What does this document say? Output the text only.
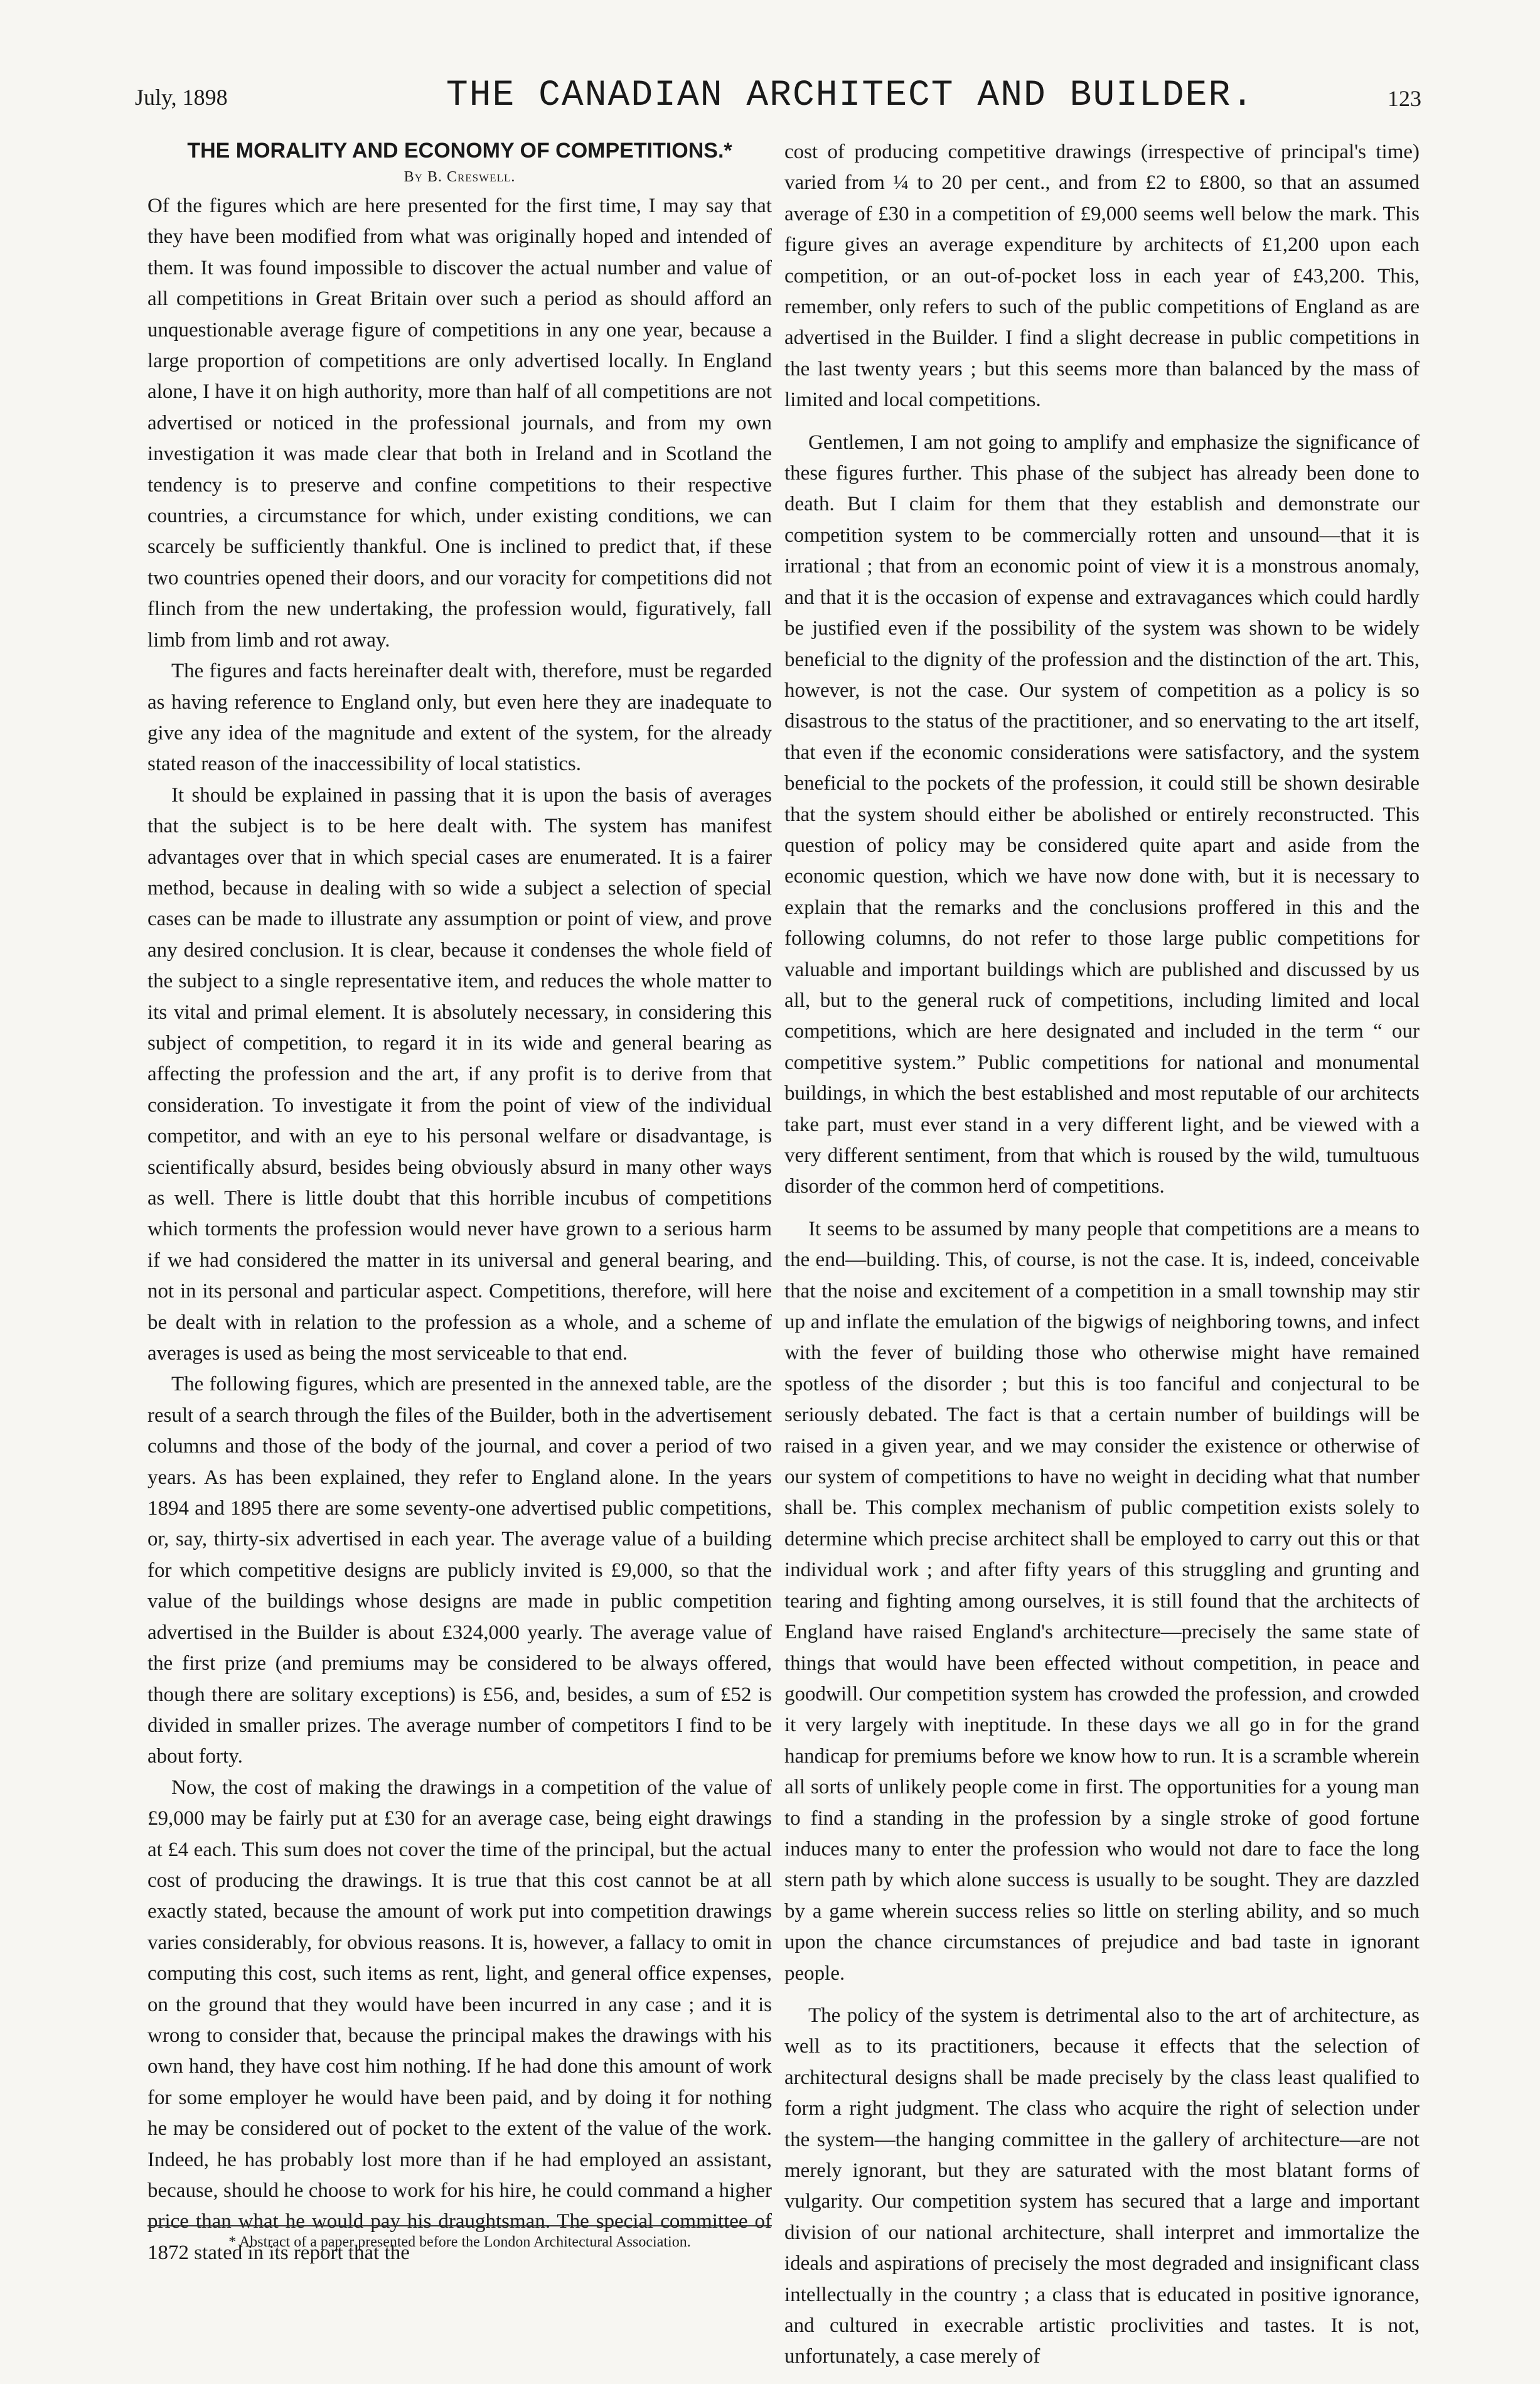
July, 1898	THE CANADIAN ARCHITECT AND BUILDER.	123
THE MORALITY AND ECONOMY OF COMPETITIONS.*
By B. Creswell.

Of the figures which are here presented for the first time, I may say that they have been modified from what was originally hoped and intended of them. It was found impossible to discover the actual number and value of all competitions in Great Britain over such a period as should afford an unquestionable average figure of competitions in any one year, because a large proportion of competitions are only advertised locally. In England alone, I have it on high authority, more than half of all competitions are not advertised or noticed in the professional journals, and from my own investigation it was made clear that both in Ireland and in Scotland the tendency is to preserve and confine competitions to their respective countries, a circumstance for which, under existing conditions, we can scarcely be sufficiently thankful. One is inclined to predict that, if these two countries opened their doors, and our voracity for competitions did not flinch from the new undertaking, the profession would, figuratively, fall limb from limb and rot away.

The figures and facts hereinafter dealt with, therefore, must be regarded as having reference to England only, but even here they are inadequate to give any idea of the magnitude and extent of the system, for the already stated reason of the inaccessibility of local statistics.

It should be explained in passing that it is upon the basis of averages that the subject is to be here dealt with. The system has manifest advantages over that in which special cases are enumerated. It is a fairer method, because in dealing with so wide a subject a selection of special cases can be made to illustrate any assumption or point of view, and prove any desired conclusion. It is clear, because it condenses the whole field of the subject to a single representative item, and reduces the whole matter to its vital and primal element. It is absolutely necessary, in considering this subject of competition, to regard it in its wide and general bearing as affecting the profession and the art, if any profit is to derive from that consideration. To investigate it from the point of view of the individual competitor, and with an eye to his personal welfare or disadvantage, is scientifically absurd, besides being obviously absurd in many other ways as well. There is little doubt that this horrible incubus of competitions which torments the profession would never have grown to a serious harm if we had considered the matter in its universal and general bearing, and not in its personal and particular aspect. Competitions, therefore, will here be dealt with in relation to the profession as a whole, and a scheme of averages is used as being the most serviceable to that end.

The following figures, which are presented in the annexed table, are the result of a search through the files of the Builder, both in the advertisement columns and those of the body of the journal, and cover a period of two years. As has been explained, they refer to England alone. In the years 1894 and 1895 there are some seventy-one advertised public competitions, or, say, thirty-six advertised in each year. The average value of a building for which competitive designs are publicly invited is £9,000, so that the value of the buildings whose designs are made in public competition advertised in the Builder is about £324,000 yearly. The average value of the first prize (and premiums may be considered to be always offered, though there are solitary exceptions) is £56, and, besides, a sum of £52 is divided in smaller prizes. The average number of competitors I find to be about forty.

Now, the cost of making the drawings in a competition of the value of £9,000 may be fairly put at £30 for an average case, being eight drawings at £4 each. This sum does not cover the time of the principal, but the actual cost of producing the drawings. It is true that this cost cannot be at all exactly stated, because the amount of work put into competition drawings varies considerably, for obvious reasons. It is, however, a fallacy to omit in computing this cost, such items as rent, light, and general office expenses, on the ground that they would have been incurred in any case ; and it is wrong to consider that, because the principal makes the drawings with his own hand, they have cost him nothing. If he had done this amount of work for some employer he would have been paid, and by doing it for nothing he may be considered out of pocket to the extent of the value of the work. Indeed, he has probably lost more than if he had employed an assistant, because, should he choose to work for his hire, he could command a higher price than what he would pay his draughtsman. The special committee of 1872 stated in its report that the

cost of producing competitive drawings (irrespective of principal's time) varied from ¼ to 20 per cent., and from £2 to £800, so that an assumed average of £30 in a competition of £9,000 seems well below the mark. This figure gives an average expenditure by architects of £1,200 upon each competition, or an out-of-pocket loss in each year of £43,200. This, remember, only refers to such of the public competitions of England as are advertised in the Builder. I find a slight decrease in public competitions in the last twenty years ; but this seems more than balanced by the mass of limited and local competitions.

Gentlemen, I am not going to amplify and emphasize the significance of these figures further. This phase of the subject has already been done to death. But I claim for them that they establish and demonstrate our competition system to be commercially rotten and unsound—that it is irrational ; that from an economic point of view it is a monstrous anomaly, and that it is the occasion of expense and extravagances which could hardly be justified even if the possibility of the system was shown to be widely beneficial to the dignity of the profession and the distinction of the art. This, however, is not the case. Our system of competition as a policy is so disastrous to the status of the practitioner, and so enervating to the art itself, that even if the economic considerations were satisfactory, and the system beneficial to the pockets of the profession, it could still be shown desirable that the system should either be abolished or entirely reconstructed. This question of policy may be considered quite apart and aside from the economic question, which we have now done with, but it is necessary to explain that the remarks and the conclusions proffered in this and the following columns, do not refer to those large public competitions for valuable and important buildings which are published and discussed by us all, but to the general ruck of competitions, including limited and local competitions, which are here designated and included in the term “ our competitive system.” Public competitions for national and monumental buildings, in which the best established and most reputable of our architects take part, must ever stand in a very different light, and be viewed with a very different sentiment, from that which is roused by the wild, tumultuous disorder of the common herd of competitions.

It seems to be assumed by many people that competitions are a means to the end—building. This, of course, is not the case. It is, indeed, conceivable that the noise and excitement of a competition in a small township may stir up and inflate the emulation of the bigwigs of neighboring towns, and infect with the fever of building those who otherwise might have remained spotless of the disorder ; but this is too fanciful and conjectural to be seriously debated. The fact is that a certain number of buildings will be raised in a given year, and we may consider the existence or otherwise of our system of competitions to have no weight in deciding what that number shall be. This complex mechanism of public competition exists solely to determine which precise architect shall be employed to carry out this or that individual work ; and after fifty years of this struggling and grunting and tearing and fighting among ourselves, it is still found that the architects of England have raised England's architecture—precisely the same state of things that would have been effected without competition, in peace and goodwill. Our competition system has crowded the profession, and crowded it very largely with ineptitude. In these days we all go in for the grand handicap for premiums before we know how to run. It is a scramble wherein all sorts of unlikely people come in first. The opportunities for a young man to find a standing in the profession by a single stroke of good fortune induces many to enter the profession who would not dare to face the long stern path by which alone success is usually to be sought. They are dazzled by a game wherein success relies so little on sterling ability, and so much upon the chance circumstances of prejudice and bad taste in ignorant people.

The policy of the system is detrimental also to the art of architecture, as well as to its practitioners, because it effects that the selection of architectural designs shall be made precisely by the class least qualified to form a right judgment. The class who acquire the right of selection under the system—the hanging committee in the gallery of architecture—are not merely ignorant, but they are saturated with the most blatant forms of vulgarity. Our competition system has secured that a large and important division of our national architecture, shall interpret and immortalize the ideals and aspirations of precisely the most degraded and insignificant class intellectually in the country ; a class that is educated in positive ignorance, and cultured in execrable artistic proclivities and tastes. It is not, unfortunately, a case merely of

* Abstract of a paper presented before the London Architectural Association.
